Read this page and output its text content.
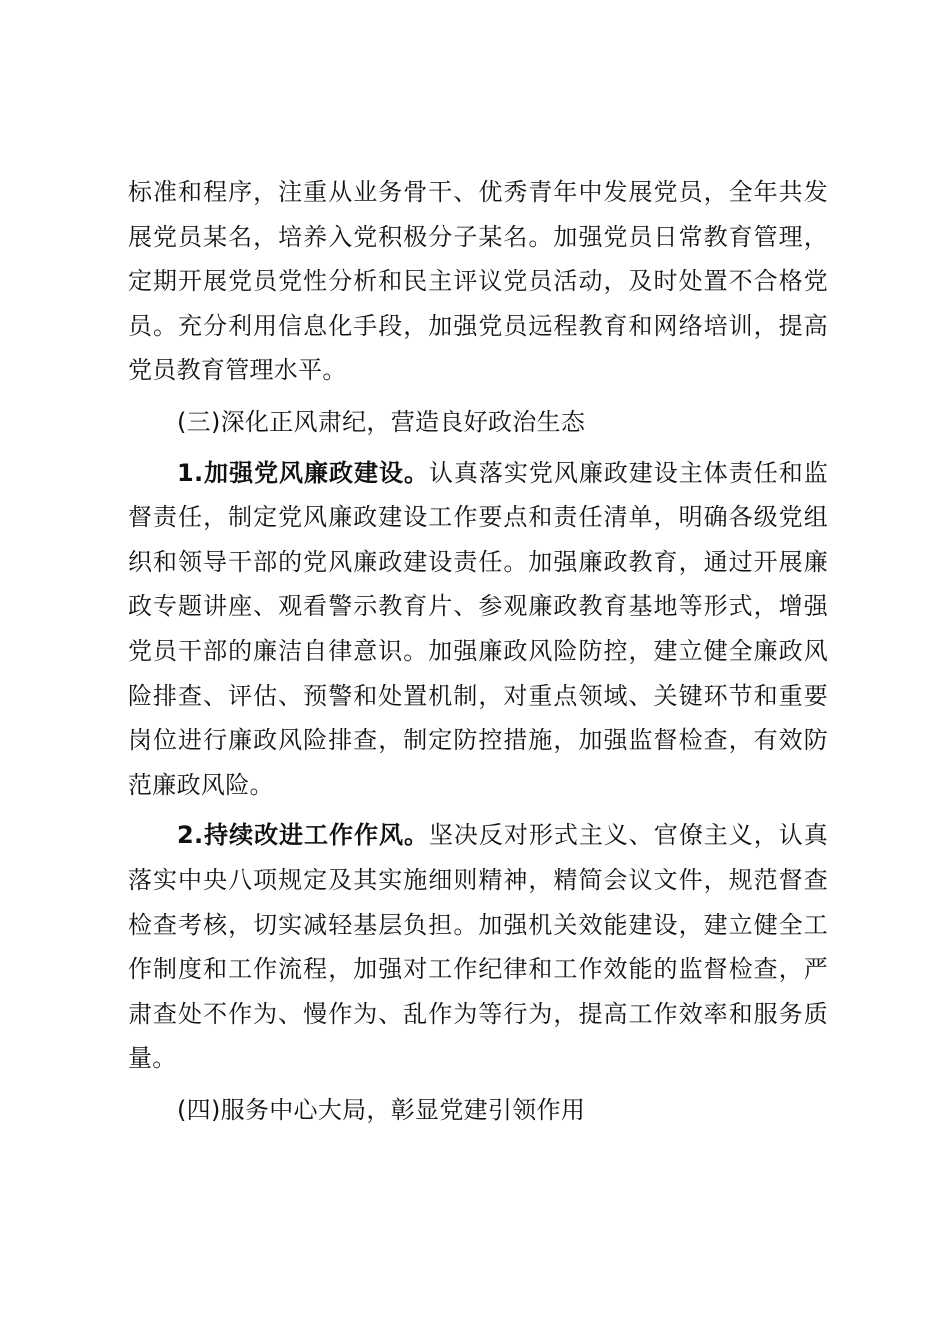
标准和程序，注重从业务骨干、优秀青年中发展党员，全年共发展党员某名，培养入党积极分子某名。加强党员日常教育管理，定期开展党员党性分析和民主评议党员活动，及时处置不合格党员。充分利用信息化手段，加强党员远程教育和网络培训，提高党员教育管理水平。

(三)深化正风肃纪，营造良好政治生态

1.加强党风廉政建设。认真落实党风廉政建设主体责任和监督责任，制定党风廉政建设工作要点和责任清单，明确各级党组织和领导干部的党风廉政建设责任。加强廉政教育，通过开展廉政专题讲座、观看警示教育片、参观廉政教育基地等形式，增强党员干部的廉洁自律意识。加强廉政风险防控，建立健全廉政风险排查、评估、预警和处置机制，对重点领域、关键环节和重要岗位进行廉政风险排查，制定防控措施，加强监督检查，有效防范廉政风险。

2.持续改进工作作风。坚决反对形式主义、官僚主义，认真落实中央八项规定及其实施细则精神，精简会议文件，规范督查检查考核，切实减轻基层负担。加强机关效能建设，建立健全工作制度和工作流程，加强对工作纪律和工作效能的监督检查，严肃查处不作为、慢作为、乱作为等行为，提高工作效率和服务质量。

(四)服务中心大局，彰显党建引领作用
